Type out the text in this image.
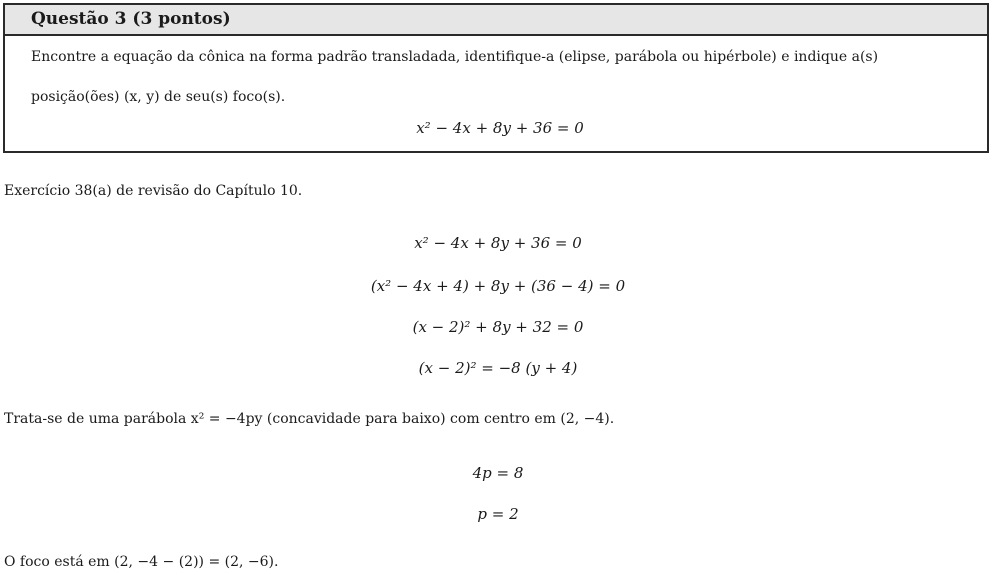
Questão 3 (3 pontos)
Encontre a equação da cônica na forma padrão transladada, identifique-a (elipse, parábola ou hipérbole) e indique a(s)
posição(ões) (x, y) de seu(s) foco(s).
x² − 4x + 8y + 36 = 0
Exercício 38(a) de revisão do Capítulo 10.
x² − 4x + 8y + 36 = 0
(x² − 4x + 4) + 8y + (36 − 4) = 0
(x − 2)² + 8y + 32 = 0
(x − 2)² = −8 (y + 4)
Trata-se de uma parábola x² = −4py (concavidade para baixo) com centro em (2, −4).
4p = 8
p = 2
O foco está em (2, −4 − (2)) = (2, −6).
